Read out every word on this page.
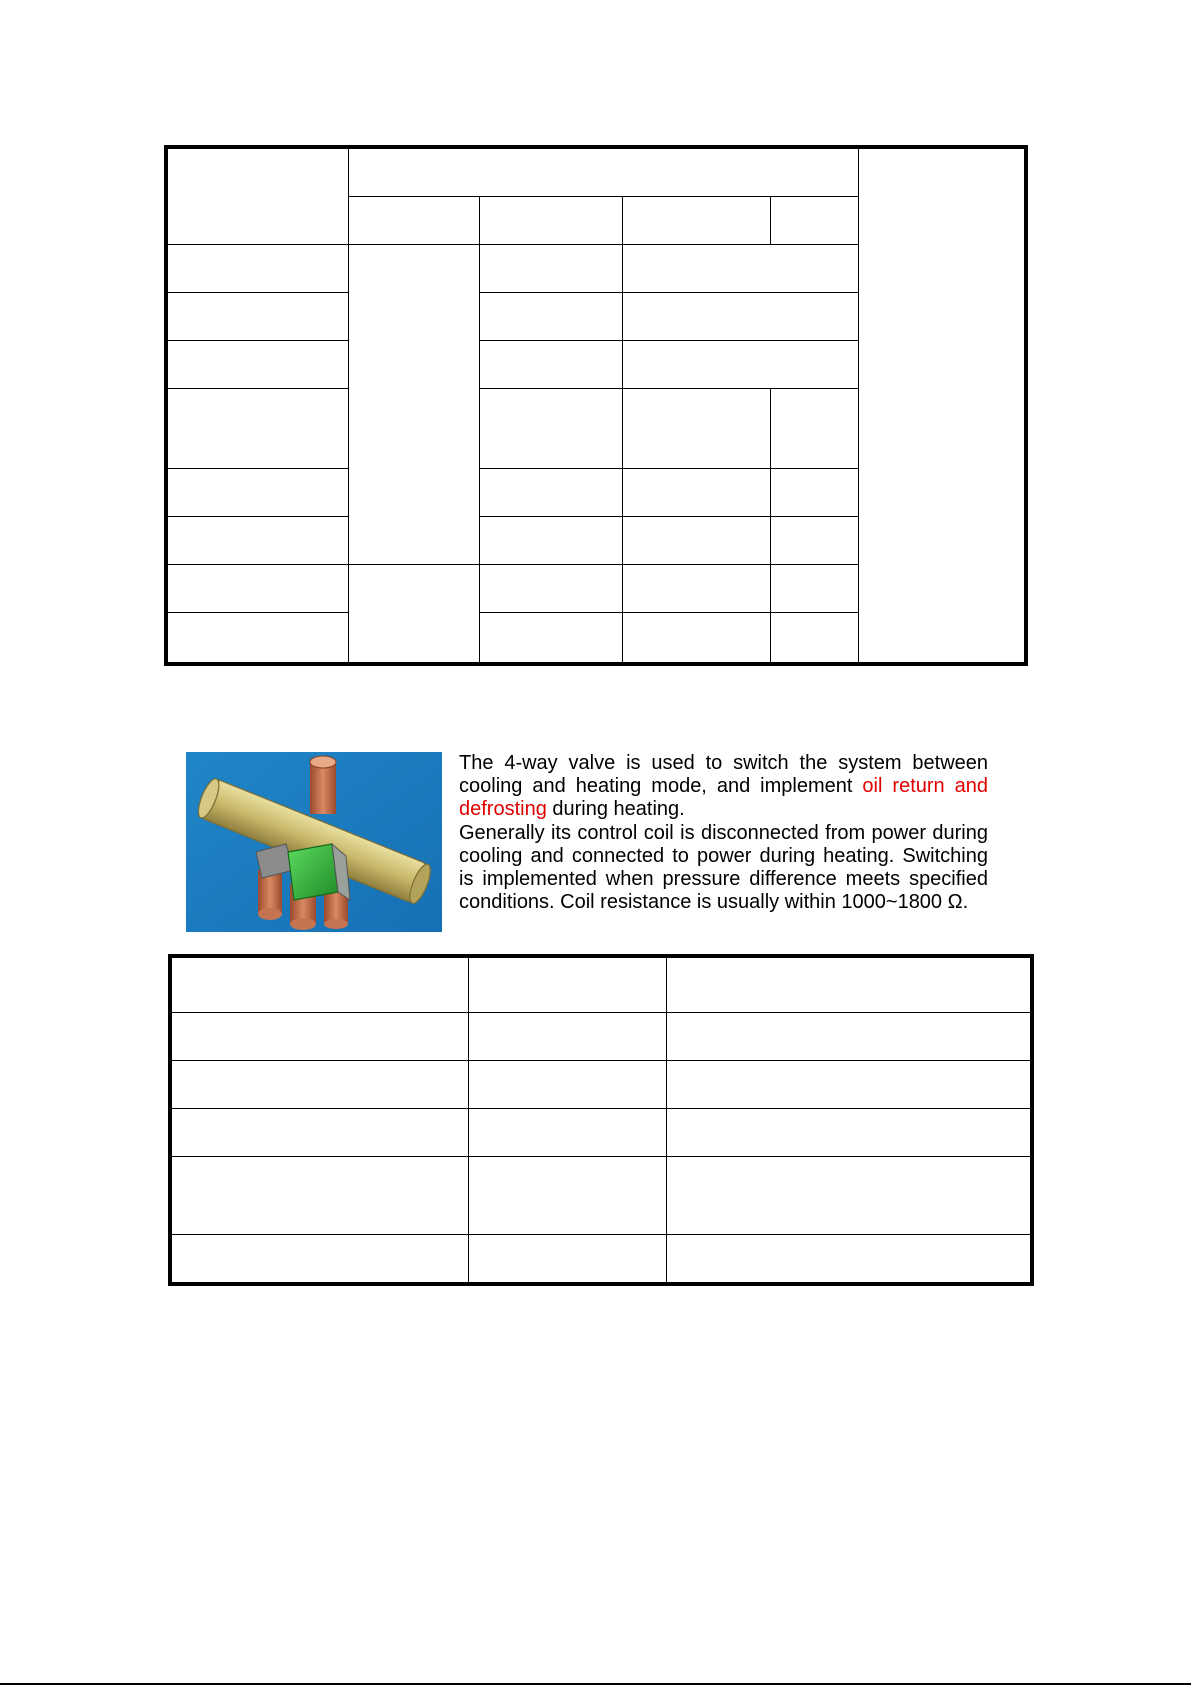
The 4-way valve is used to switch the system between cooling and heating mode, and implement oil return and defrosting during heating.

Generally its control coil is disconnected from power during cooling and connected to power during heating. Switching is implemented when pressure difference meets specified conditions. Coil resistance is usually within 1000~1800 Ω.
